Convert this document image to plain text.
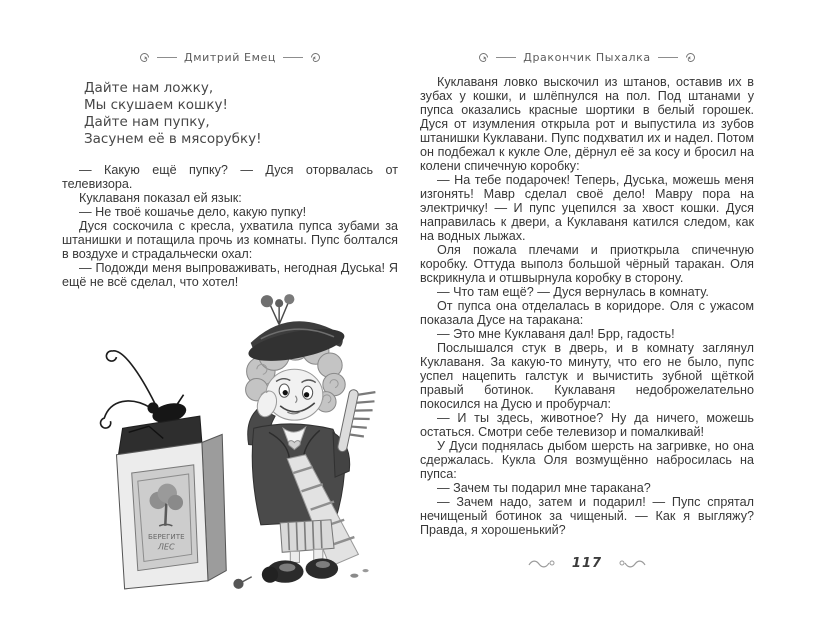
Дмитрий Емец
Дайте нам ложку,
Мы скушаем кошку!
Дайте нам пупку,
Засунем её в мясорубку!

— Какую ещё пупку? — Дуся оторвалась от телевизора.

Куклаваня показал ей язык:

— Не твоё кошачье дело, какую пупку!

Дуся соскочила с кресла, ухватила пупса зубами за штанишки и потащила прочь из комнаты. Пупс болтался в воздухе и страдальчески охал:

— Подожди меня выпроваживать, негодная Дуська! Я ещё не всё сделал, что хотел!

БЕРЕГИТЕ
ЛЕС
Дракончик Пыхалка

Куклаваня ловко выскочил из штанов, оставив их в зубах у кошки, и шлёпнулся на пол. Под штанами у пупса оказались красные шортики в белый горошек. Дуся от изумления открыла рот и выпустила из зубов штанишки Куклавани. Пупс подхватил их и надел. Потом он подбежал к кукле Оле, дёрнул её за косу и бросил на колени спичечную коробку:

— На тебе подарочек! Теперь, Дуська, можешь меня изгонять! Мавр сделал своё дело! Мавру пора на электричку! — И пупс уцепился за хвост кошки. Дуся направилась к двери, а Куклаваня катился следом, как на водных лыжах.

Оля пожала плечами и приоткрыла спичечную коробку. Оттуда выполз большой чёрный таракан. Оля вскрикнула и отшвырнула коробку в сторону.

— Что там ещё? — Дуся вернулась в комнату.

От пупса она отделалась в коридоре. Оля с ужасом показала Дусе на таракана:

— Это мне Куклаваня дал! Брр, гадость!

Послышался стук в дверь, и в комнату заглянул Куклаваня. За какую-то минуту, что его не было, пупс успел нацепить галстук и вычистить зубной щёткой правый ботинок. Куклаваня недоброжелательно покосился на Дусю и пробурчал:

— И ты здесь, животное? Ну да ничего, можешь остаться. Смотри себе телевизор и помалкивай!

У Дуси поднялась дыбом шерсть на загривке, но она сдержалась. Кукла Оля возмущённо набросилась на пупса:

— Зачем ты подарил мне таракана?

— Зачем надо, затем и подарил! — Пупс спрятал нечищеный ботинок за чищеный. — Как я выгляжу? Правда, я хорошенький?

117
